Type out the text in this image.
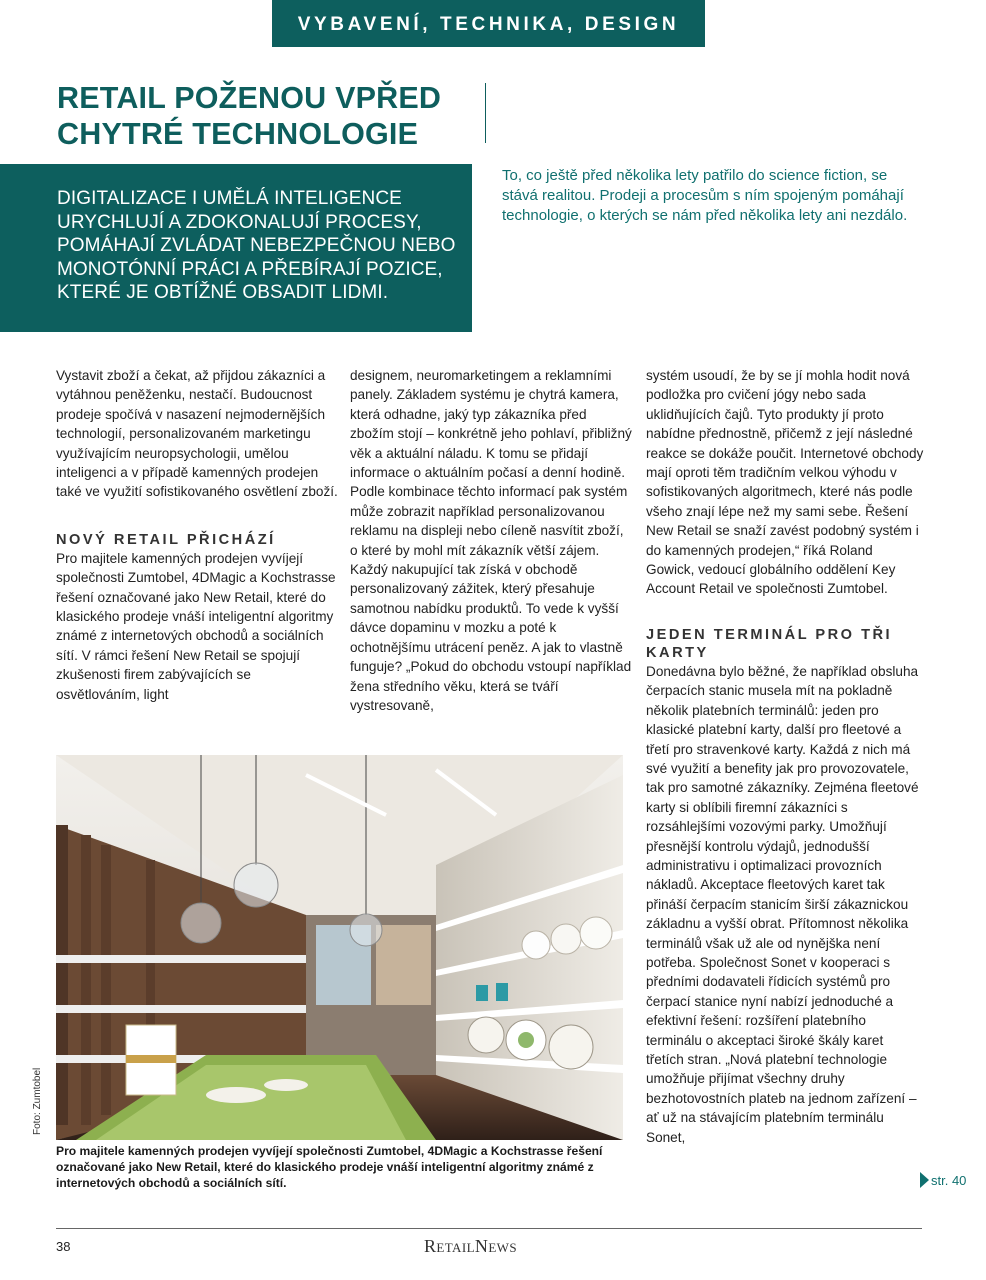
VYBAVENÍ, TECHNIKA, DESIGN
RETAIL POŽENOU VPŘED
CHYTRÉ TECHNOLOGIE

DIGITALIZACE I UMĚLÁ INTELIGENCE URYCHLUJÍ A ZDOKONALUJÍ PROCESY, POMÁHAJÍ ZVLÁDAT NEBEZPEČNOU NEBO MONOTÓNNÍ PRÁCI A PŘEBÍRAJÍ POZICE, KTERÉ JE OBTÍŽNÉ OBSADIT LIDMI.

To, co ještě před několika lety patřilo do science fiction, se stává realitou. Prodeji a procesům s ním spojeným pomáhají technologie, o kterých se nám před několika lety ani nezdálo.

Vystavit zboží a čekat, až přijdou zákazníci a vytáhnou peněženku, nestačí. Budoucnost prodeje spočívá v nasazení nejmodernějších technologií, personalizovaném marketingu využívajícím neuropsychologii, umělou inteligenci a v případě kamenných prodejen také ve využití sofistikovaného osvětlení zboží.

NOVÝ RETAIL PŘICHÁZÍ

Pro majitele kamenných prodejen vyvíjejí společnosti Zumtobel, 4DMagic a Kochstrasse řešení označované jako New Retail, které do klasického prodeje vnáší inteligentní algoritmy známé z internetových obchodů a sociálních sítí. V rámci řešení New Retail se spojují zkušenosti firem zabývajících se osvětlováním, light

designem, neuromarketingem a reklamními panely. Základem systému je chytrá kamera, která odhadne, jaký typ zákazníka před zbožím stojí – konkrétně jeho pohlaví, přibližný věk a aktuální náladu. K tomu se přidají informace o aktuálním počasí a denní hodině. Podle kombinace těchto informací pak systém může zobrazit například personalizovanou reklamu na displeji nebo cíleně nasvítit zboží, o které by mohl mít zákazník větší zájem. Každý nakupující tak získá v obchodě personalizovaný zážitek, který přesahuje samotnou nabídku produktů. To vede k vyšší dávce dopaminu v mozku a poté k ochotnějšímu utrácení peněz. A jak to vlastně funguje? „Pokud do obchodu vstoupí například žena středního věku, která se tváří vystresovaně,

systém usoudí, že by se jí mohla hodit nová podložka pro cvičení jógy nebo sada uklidňujících čajů. Tyto produkty jí proto nabídne přednostně, přičemž z její následné reakce se dokáže poučit. Internetové obchody mají oproti těm tradičním velkou výhodu v sofistikovaných algoritmech, které nás podle všeho znají lépe než my sami sebe. Řešení New Retail se snaží zavést podobný systém i do kamenných prodejen,“ říká Roland Gowick, vedoucí globálního oddělení Key Account Retail ve společnosti Zumtobel.

JEDEN TERMINÁL PRO TŘI KARTY

Donedávna bylo běžné, že například obsluha čerpacích stanic musela mít na pokladně několik platebních terminálů: jeden pro klasické platební karty, další pro fleetové a třetí pro stravenkové karty. Každá z nich má své využití a benefity jak pro provozovatele, tak pro samotné zákazníky. Zejména fleetové karty si oblíbili firemní zákazníci s rozsáhlejšími vozovými parky. Umožňují přesnější kontrolu výdajů, jednodušší administrativu i optimalizaci provozních nákladů. Akceptace fleetových karet tak přináší čerpacím stanicím širší zákaznickou základnu a vyšší obrat. Přítomnost několika terminálů však už ale od nynějška není potřeba. Společnost Sonet v kooperaci s předními dodavateli řídicích systémů pro čerpací stanice nyní nabízí jednoduché a efektivní řešení: rozšíření platebního terminálu o akceptaci široké škály karet třetích stran. „Nová platební technologie umožňuje přijímat všechny druhy bezhotovostních plateb na jednom zařízení – ať už na stávajícím platebním terminálu Sonet,

Foto: Zumtobel

Pro majitele kamenných prodejen vyvíjejí společnosti Zumtobel, 4DMagic a Kochstrasse řešení označované jako New Retail, které do klasického prodeje vnáší inteligentní algoritmy známé z internetových obchodů a sociálních sítí.	str. 40
38	RETAILNEWS
